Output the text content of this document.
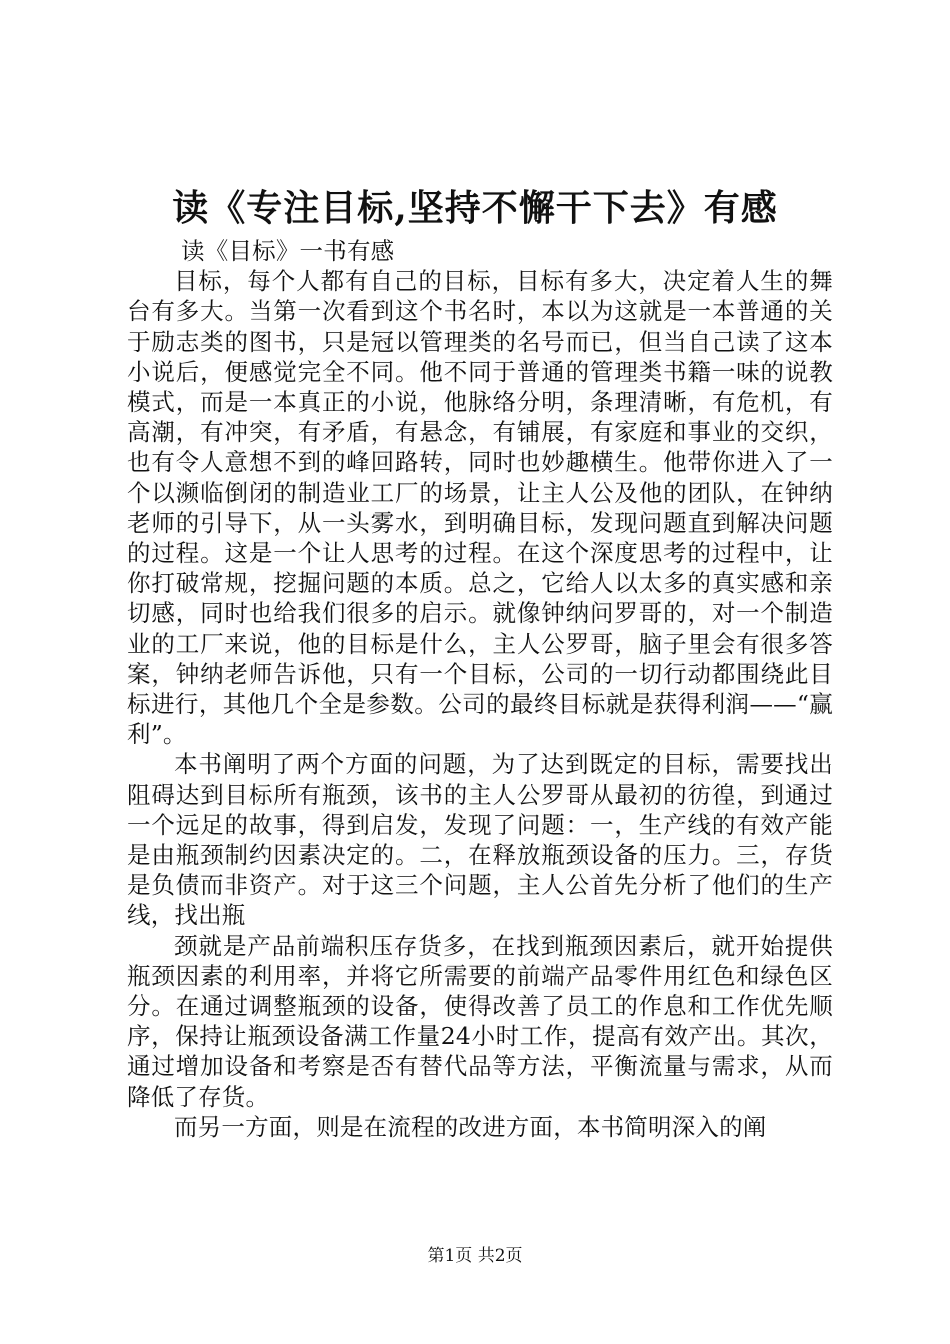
读《专注目标,坚持不懈干下去》有感

读《目标》一书有感

目标，每个人都有自己的目标，目标有多大，决定着人生的舞台有多大。当第一次看到这个书名时，本以为这就是一本普通的关于励志类的图书，只是冠以管理类的名号而已，但当自己读了这本小说后，便感觉完全不同。他不同于普通的管理类书籍一味的说教模式，而是一本真正的小说，他脉络分明，条理清晰，有危机，有高潮，有冲突，有矛盾，有悬念，有铺展，有家庭和事业的交织，也有令人意想不到的峰回路转，同时也妙趣横生。他带你进入了一个以濒临倒闭的制造业工厂的场景，让主人公及他的团队，在钟纳老师的引导下，从一头雾水，到明确目标，发现问题直到解决问题的过程。这是一个让人思考的过程。在这个深度思考的过程中，让你打破常规，挖掘问题的本质。总之，它给人以太多的真实感和亲切感，同时也给我们很多的启示。就像钟纳问罗哥的，对一个制造业的工厂来说，他的目标是什么，主人公罗哥，脑子里会有很多答案，钟纳老师告诉他，只有一个目标，公司的一切行动都围绕此目标进行，其他几个全是参数。公司的最终目标就是获得利润——“赢利”。

本书阐明了两个方面的问题，为了达到既定的目标，需要找出阻碍达到目标所有瓶颈，该书的主人公罗哥从最初的彷徨，到通过一个远足的故事，得到启发，发现了问题：一，生产线的有效产能是由瓶颈制约因素决定的。二，在释放瓶颈设备的压力。三，存货是负债而非资产。对于这三个问题，主人公首先分析了他们的生产线，找出瓶

颈就是产品前端积压存货多，在找到瓶颈因素后，就开始提供瓶颈因素的利用率，并将它所需要的前端产品零件用红色和绿色区分。在通过调整瓶颈的设备，使得改善了员工的作息和工作优先顺序，保持让瓶颈设备满工作量24小时工作，提高有效产出。其次，通过增加设备和考察是否有替代品等方法，平衡流量与需求，从而降低了存货。

而另一方面，则是在流程的改进方面，本书简明深入的阐

第1页 共2页
